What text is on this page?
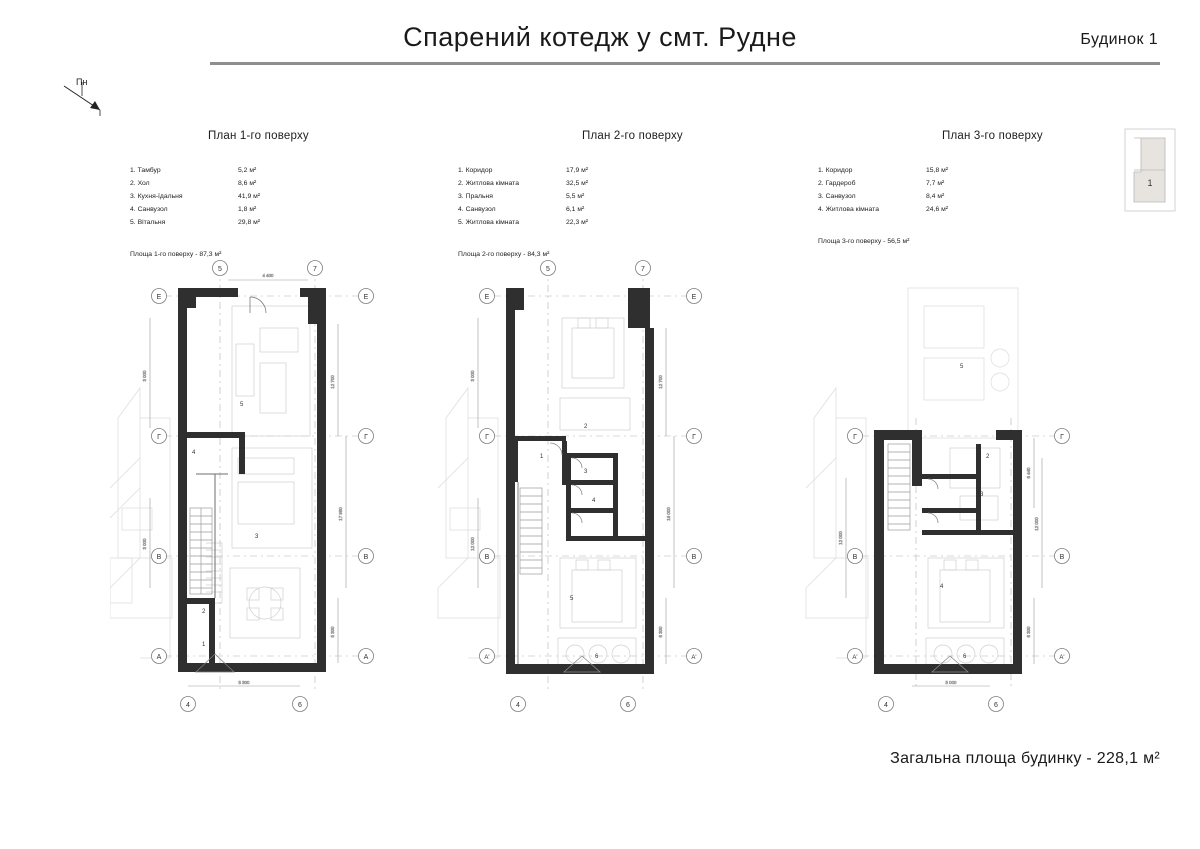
Спарений котедж у смт. Рудне	Будинок 1
Пн
1
План 1-го поверху
1. Тамбур	5,2 м²
2. Хол	8,6 м²
3. Кухня-їдальня	41,9 м²
4. Санвузол	1,8 м²
5. Вітальня	29,8 м²
Площа 1-го поверху - 87,3 м²
План 2-го поверху
1. Коридор	17,9 м²
2. Житлова кімната	32,5 м²
3. Пральня	5,5 м²
4. Санвузол	6,1 м²
5. Житлова кімната	22,3 м²
Площа 2-го поверху - 84,3 м²
План 3-го поверху
1. Коридор	15,8 м²
2. Гардероб	7,7 м²
3. Санвузол	8,4 м²
4. Житлова кімната	24,6 м²
Площа 3-го поверху - 56,5 м²
Е
Г
В
А
Е
Г
В
А
5	7
4	6
1
2
3
4
5
3 000
3 000
12 700
17 980
5 300
4 400
5 300
Е
Г
В
А'
Е
Г
В
А'
5	7
4	6
1
2
3
4
5
6
3 000
12 000
12 700
19 000
6 300
Г
В
А'
Г
В
А'
4	6
2
3
4
5
6
12 000
6 440
12 000
6 300
5 000
Загальна площа будинку - 228,1 м²
